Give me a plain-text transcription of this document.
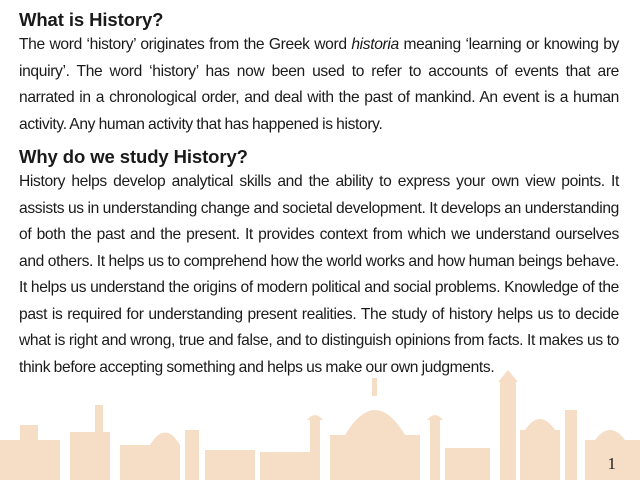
What is History?

The word ‘history’ originates from the Greek word historia meaning ‘learning or knowing by inquiry’. The word ‘history’ has now been used to refer to accounts of events that are narrated in a chronological order, and deal with the past of mankind. An event is a human activity. Any human activity that has happened is history.

Why do we study History?

History helps develop analytical skills and the ability to express your own view points. It assists us in understanding change and societal development. It develops an understanding of both the past and the present. It provides context from which we understand ourselves and others. It helps us to comprehend how the world works and how human beings behave. It helps us understand the origins of modern political and social problems. Knowledge of the past is required for understanding present realities. The study of history helps us to decide what is right and wrong, true and false, and to distinguish opinions from facts. It makes us to think before accepting something and helps us make our own judgments.

1
